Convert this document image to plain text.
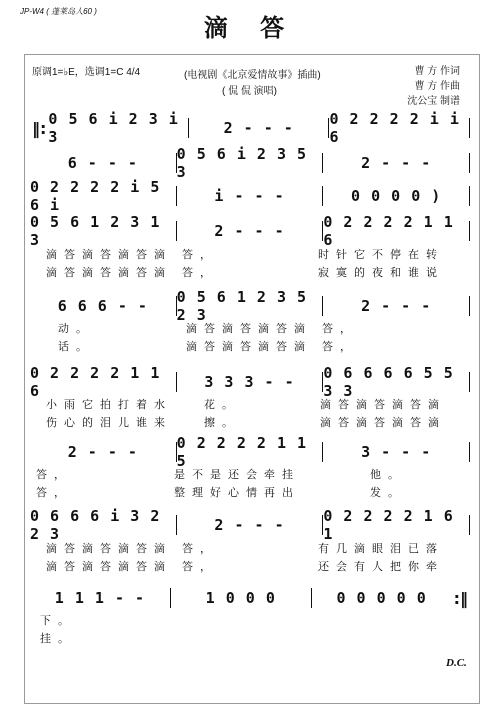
JP-W4 ( 蓬莱岛人60 )
滴 答
原调1=♭E，选调1=C 4/4	(电视剧《北京爱情故事》插曲)
( 侃 侃 演唱)
曹 方 作词
曹 方 作曲
沈公宝 制谱
‖: 0 5 6 i 2 3 i 3	2 - - -	0 2 2 2 2 i i 6
6 - - -	0 5 6 i 2 3 5 3	2 - - -
0 2 2 2 2 i 5 6 i	i - - -	0 0 0 0 )
0 5 6 1 2 3 1 3	2 - - -	0 2 2 2 2 1 1 6
滴答滴答滴答滴 答，	时针它不停在转
滴答滴答滴答滴 答，	寂寞的夜和谁说
6 6 6 - -	0 5 6 1 2 3 5 2 3	2 - - -
动。	滴答滴答滴答滴 答，
话。	滴答滴答滴答滴 答，
0 2 2 2 2 1 1 6	3 3 3 - -	0 6 6 6 6 5 5 3 3
小雨它拍打着水	花。	滴答滴答滴答滴
伤心的泪儿谁来	擦。	滴答滴答滴答滴
2 - - -	0 2 2 2 2 1 1 5	3 - - -
答，	是不是还会牵挂	他。
答，	整理好心情再出	发。
0 6 6 6 i 3 2 2 3	2 - - -	0 2 2 2 2 1 6 1
滴答滴答滴答滴 答，	有几滴眼泪已落
滴答滴答滴答滴 答，	还会有人把你牵
1 1 1 - -	1 0 0 0	0 0 0 0 0	:‖
下。
挂。
D.C.
